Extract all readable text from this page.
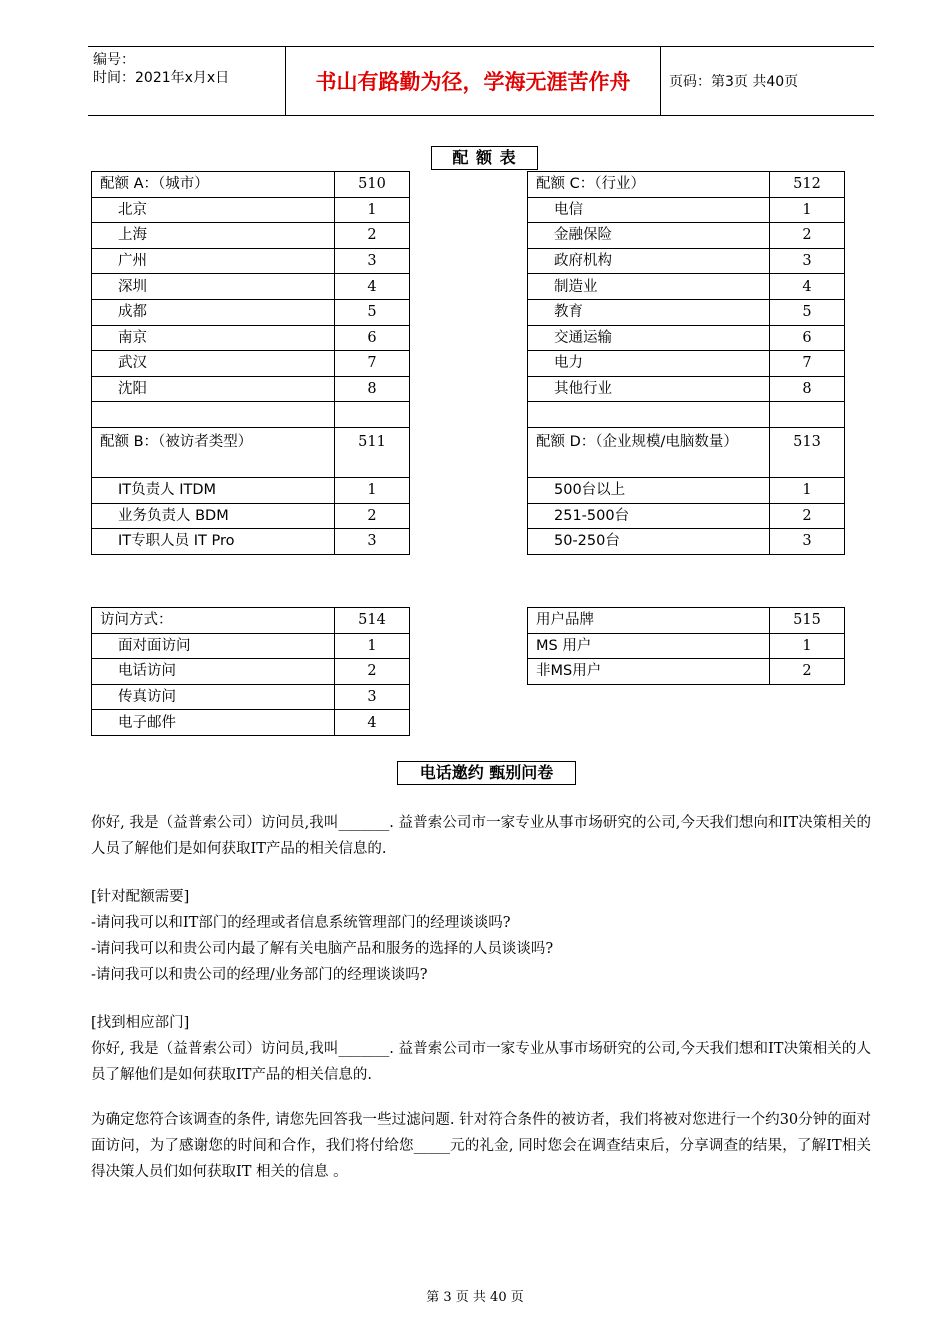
编号：
时间：2021年x月x日	书山有路勤为径，学海无涯苦作舟	页码：第3页 共40页
配 额 表
配额 A：（城市）	510
北京	1
上海	2
广州	3
深圳	4
成都	5
南京	6
武汉	7
沈阳	8

配额 B：（被访者类型）	511
IT负责人 ITDM	1
业务负责人 BDM	2
IT专职人员 IT Pro	3
配额 C：（行业）	512
电信	1
金融保险	2
政府机构	3
制造业	4
教育	5
交通运输	6
电力	7
其他行业	8

配额 D：（企业规模/电脑数量）	513
500台以上	1
251-500台	2
50-250台	3
访问方式：	514
面对面访问	1
电话访问	2
传真访问	3
电子邮件	4
用户品牌	515
MS 用户	1
非MS用户	2
电话邀约 甄别问卷
你好, 我是（益普索公司）访问员,我叫_______. 益普索公司市一家专业从事市场研究的公司,今天我们想向和IT决策相关的人员了解他们是如何获取IT产品的相关信息的.
[针对配额需要]
-请问我可以和IT部门的经理或者信息系统管理部门的经理谈谈吗?
-请问我可以和贵公司内最了解有关电脑产品和服务的选择的人员谈谈吗?
-请问我可以和贵公司的经理/业务部门的经理谈谈吗?
[找到相应部门]
你好, 我是（益普索公司）访问员,我叫_______. 益普索公司市一家专业从事市场研究的公司,今天我们想和IT决策相关的人员了解他们是如何获取IT产品的相关信息的.
为确定您符合该调查的条件, 请您先回答我一些过滤问题. 针对符合条件的被访者，我们将被对您进行一个约30分钟的面对面访问，为了感谢您的时间和合作，我们将付给您_____元的礼金, 同时您会在调查结束后，分享调查的结果，了解IT相关得决策人员们如何获取IT 相关的信息 。
第 3 页 共 40 页
